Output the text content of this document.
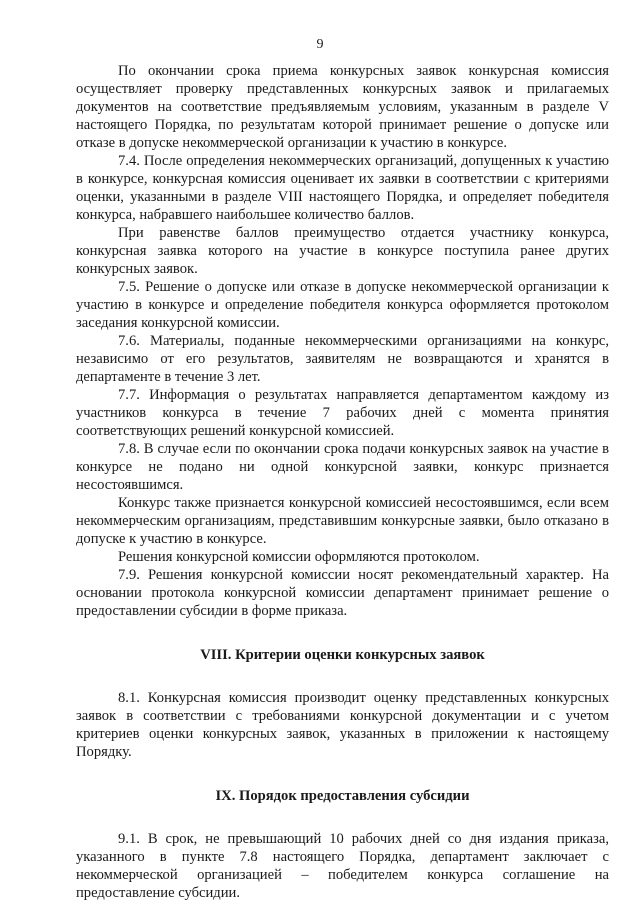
9

По окончании срока приема конкурсных заявок конкурсная комиссия осуществляет проверку представленных конкурсных заявок и прилагаемых документов на соответствие предъявляемым условиям, указанным в разделе V настоящего Порядка, по результатам которой принимает решение о допуске или отказе в допуске некоммерческой организации к участию в конкурсе.

7.4. После определения некоммерческих организаций, допущенных к участию в конкурсе, конкурсная комиссия оценивает их заявки в соответствии с критериями оценки, указанными в разделе VIII настоящего Порядка, и определяет победителя конкурса, набравшего наибольшее количество баллов.

При равенстве баллов преимущество отдается участнику конкурса, конкурсная заявка которого на участие в конкурсе поступила ранее других конкурсных заявок.

7.5. Решение о допуске или отказе в допуске некоммерческой организации к участию в конкурсе и определение победителя конкурса оформляется протоколом заседания конкурсной комиссии.

7.6. Материалы, поданные некоммерческими организациями на конкурс, независимо от его результатов, заявителям не возвращаются и хранятся в департаменте в течение 3 лет.

7.7. Информация о результатах направляется департаментом каждому из участников конкурса в течение 7 рабочих дней с момента принятия соответствующих решений конкурсной комиссией.

7.8. В случае если по окончании срока подачи конкурсных заявок на участие в конкурсе не подано ни одной конкурсной заявки, конкурс признается несостоявшимся.

Конкурс также признается конкурсной комиссией несостоявшимся, если всем некоммерческим организациям, представившим конкурсные заявки, было отказано в допуске к участию в конкурсе.

Решения конкурсной комиссии оформляются протоколом.

7.9. Решения конкурсной комиссии носят рекомендательный характер. На основании протокола конкурсной комиссии департамент принимает решение о предоставлении субсидии в форме приказа.

VIII. Критерии оценки конкурсных заявок

8.1. Конкурсная комиссия производит оценку представленных конкурсных заявок в соответствии с требованиями конкурсной документации и с учетом критериев оценки конкурсных заявок, указанных в приложении к настоящему Порядку.

IX. Порядок предоставления субсидии

9.1. В срок, не превышающий 10 рабочих дней со дня издания приказа, указанного в пункте 7.8 настоящего Порядка, департамент заключает с некоммерческой организацией – победителем конкурса соглашение на предоставление субсидии.
